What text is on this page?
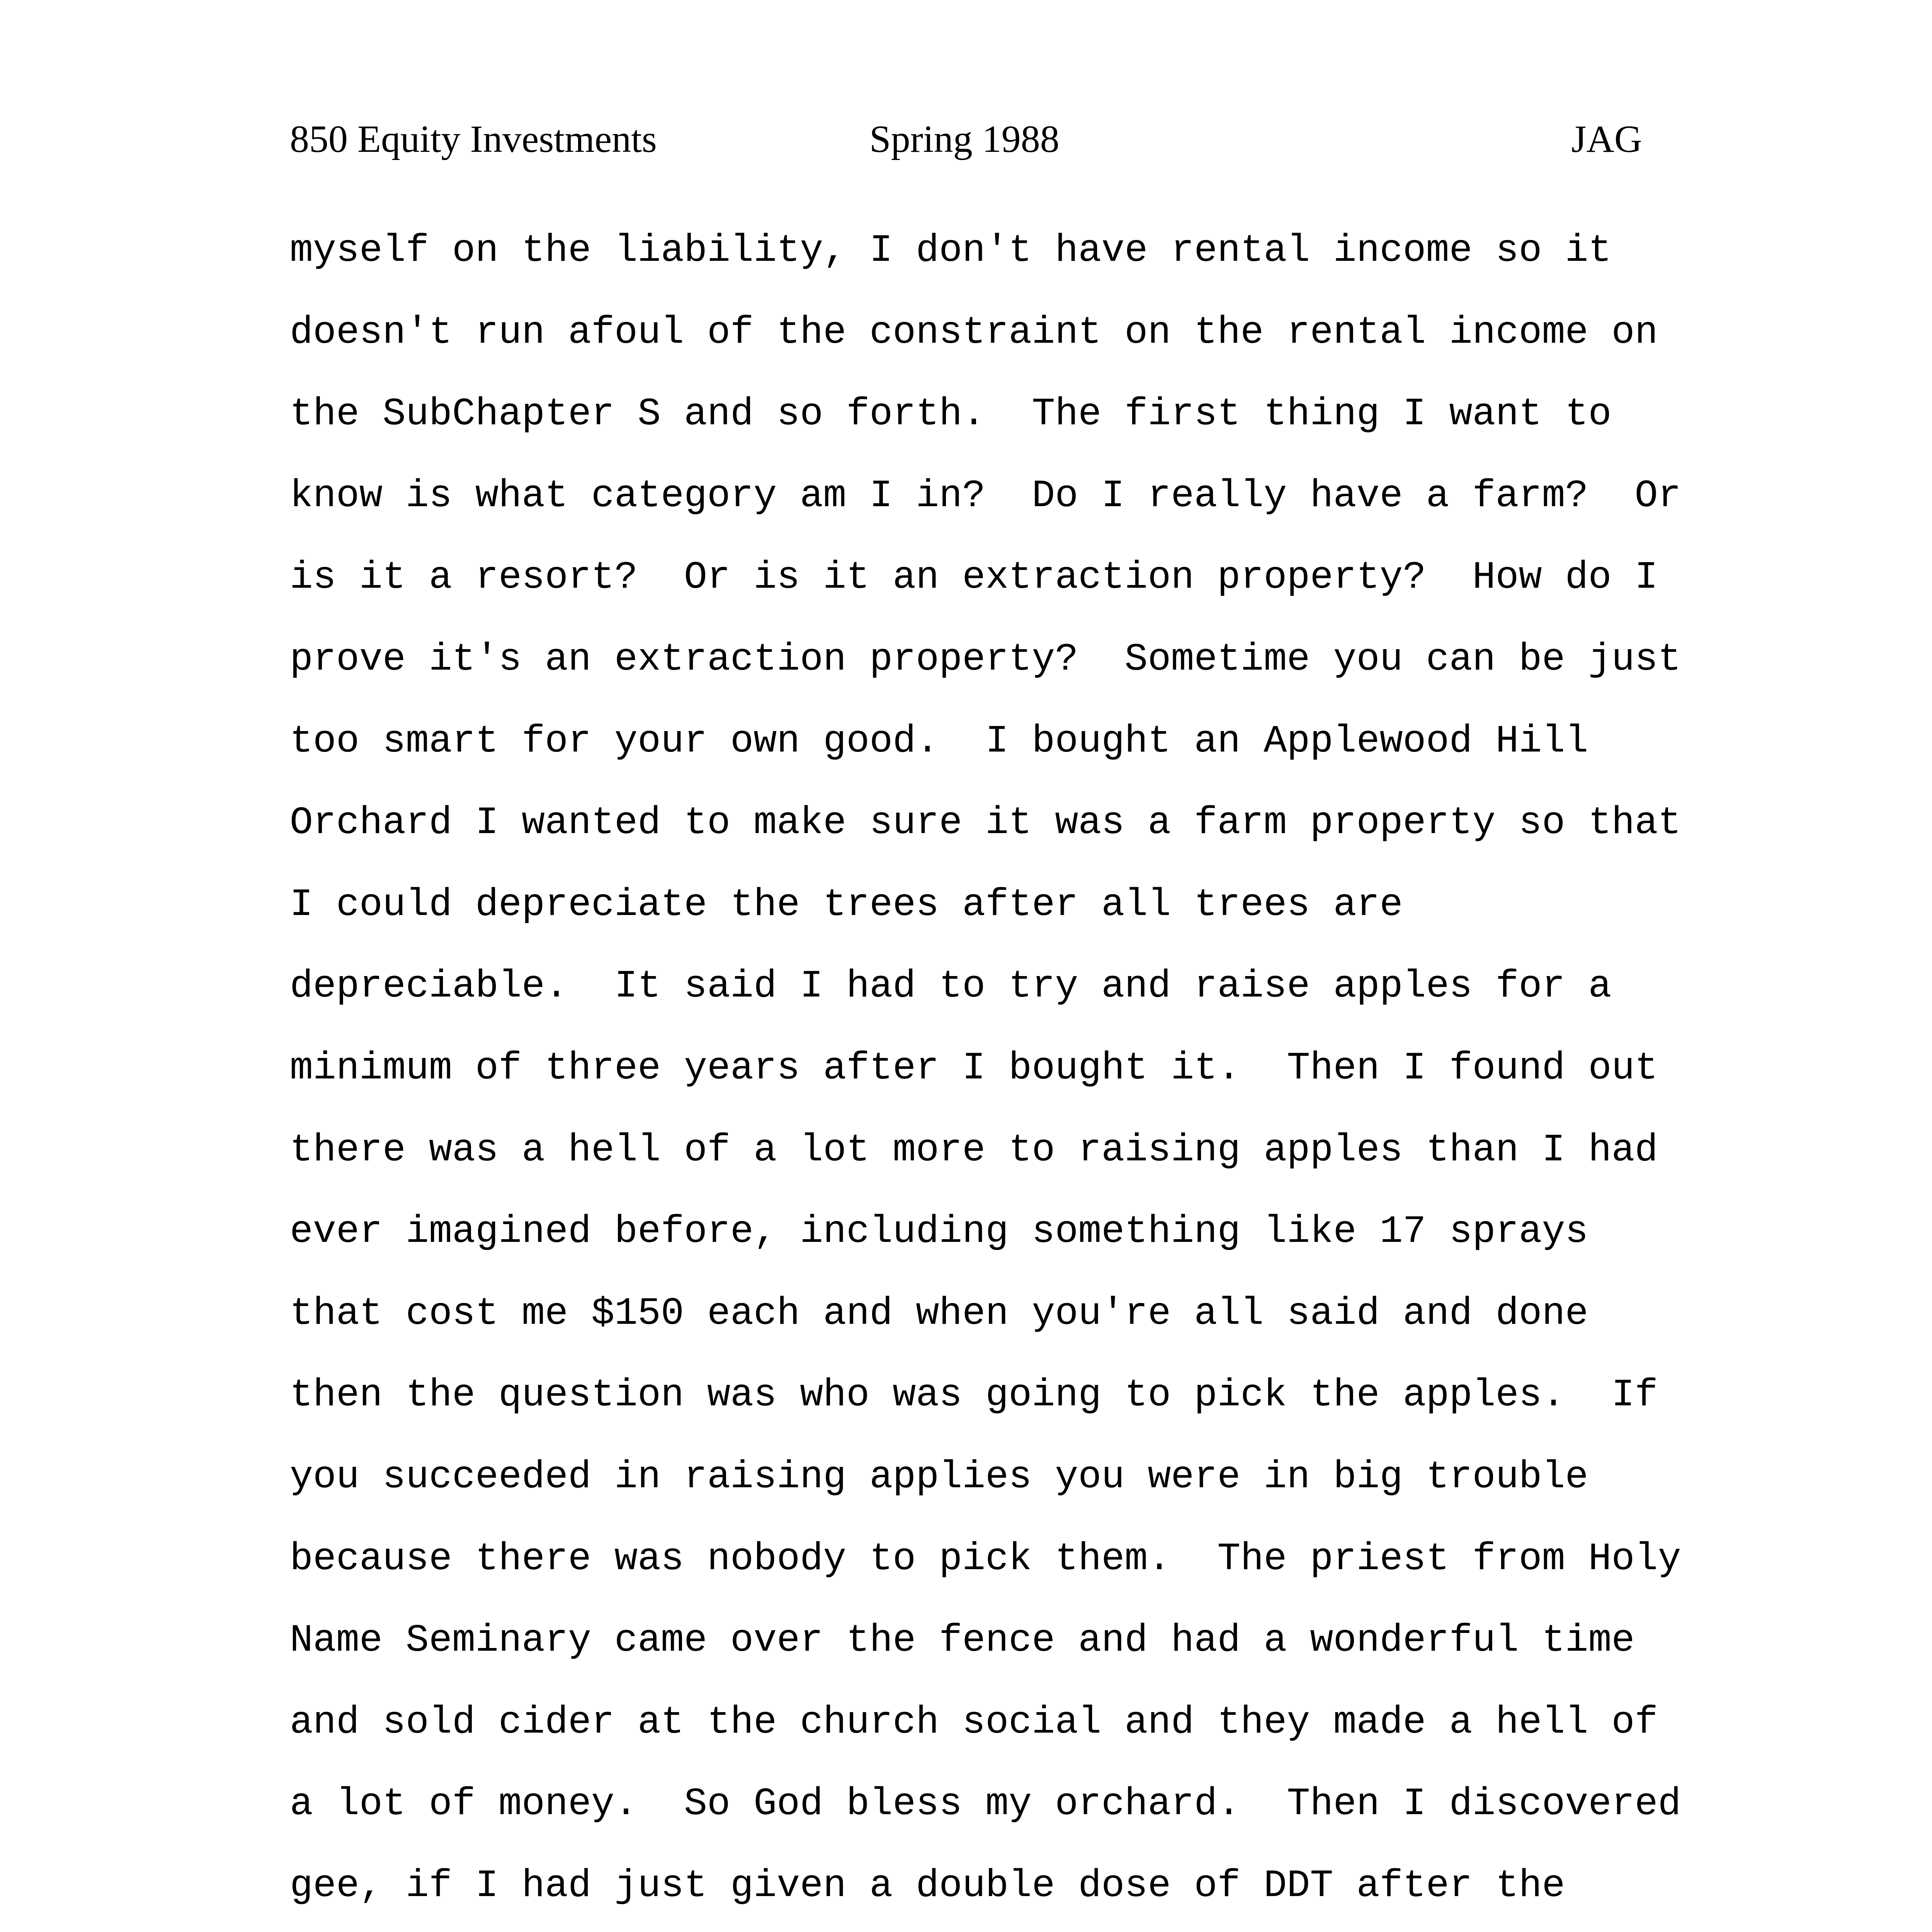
850 Equity Investments	Spring 1988	JAG
myself on the liability, I don't have rental income so it
doesn't run afoul of the constraint on the rental income on
the SubChapter S and so forth.  The first thing I want to
know is what category am I in?  Do I really have a farm?  Or
is it a resort?  Or is it an extraction property?  How do I
prove it's an extraction property?  Sometime you can be just
too smart for your own good.  I bought an Applewood Hill
Orchard I wanted to make sure it was a farm property so that
I could depreciate the trees after all trees are
depreciable.  It said I had to try and raise apples for a
minimum of three years after I bought it.  Then I found out
there was a hell of a lot more to raising apples than I had
ever imagined before, including something like 17 sprays
that cost me $150 each and when you're all said and done
then the question was who was going to pick the apples.  If
you succeeded in raising applies you were in big trouble
because there was nobody to pick them.  The priest from Holy
Name Seminary came over the fence and had a wonderful time
and sold cider at the church social and they made a hell of
a lot of money.  So God bless my orchard.  Then I discovered
gee, if I had just given a double dose of DDT after the
